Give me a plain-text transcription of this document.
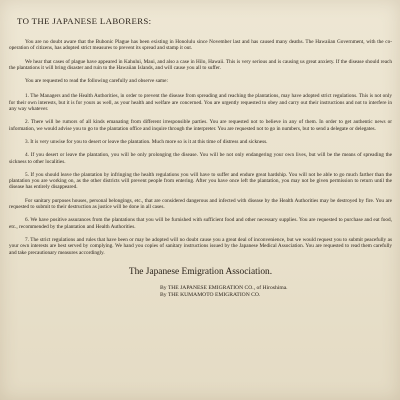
TO THE JAPANESE LABORERS:

You are no doubt aware that the Bubonic Plague has been existing in Honolulu since November last and has caused many deaths. The Hawaiian Government, with the co-operation of citizens, has adopted strict measures to prevent its spread and stamp it out.

We hear that cases of plague have appeared in Kahului, Maui, and also a case in Hilo, Hawaii. This is very serious and is causing us great anxiety. If the disease should reach the plantations it will bring disaster and ruin to the Hawaiian Islands, and will cause you all to suffer.

You are requested to read the following carefully and observe same:

1. The Managers and the Health Authorities, in order to prevent the disease from spreading and reaching the plantations, may have adopted strict regulations. This is not only for their own interests, but it is for yours as well, as your health and welfare are concerned. You are urgently requested to obey and carry out their instructions and not to interfere in any way whatever.

2. There will be rumors of all kinds emanating from different irresponsible parties. You are requested not to believe in any of them. In order to get authentic news or information, we would advise you to go to the plantation office and inquire through the interpreter. You are requested not to go in numbers, but to send a delegate or delegates.

3. It is very unwise for you to desert or leave the plantation. Much more so is it at this time of distress and sickness.

4. If you desert or leave the plantation, you will be only prolonging the disease. You will be not only endangering your own lives, but will be the means of spreading the sickness to other localities.

5. If you should leave the plantation by infringing the health regulations you will have to suffer and endure great hardship. You will not be able to go much farther than the plantation you are working on, as the other districts will prevent people from entering. After you have once left the plantation, you may not be given permission to return until the disease has entirely disappeared.

For sanitary purposes houses, personal belongings, etc., that are considered dangerous and infected with disease by the Health Authorities may be destroyed by fire. You are requested to submit to their destruction as justice will be done in all cases.

6. We have positive assurances from the plantations that you will be furnished with sufficient food and other necessary supplies. You are requested to purchase and eat food, etc., recommended by the plantation and Health Authorities.

7. The strict regulations and rules that have been or may be adopted will no doubt cause you a great deal of inconvenience, but we would request you to submit peacefully as your own interests are best served by complying. We hand you copies of sanitary instructions issued by the Japanese Medical Association. You are requested to read them carefully and take precautionary measures accordingly.

The Japanese Emigration Association.
By THE JAPANESE EMIGRATION CO., of Hiroshima.
By THE KUMAMOTO EMIGRATION CO.
